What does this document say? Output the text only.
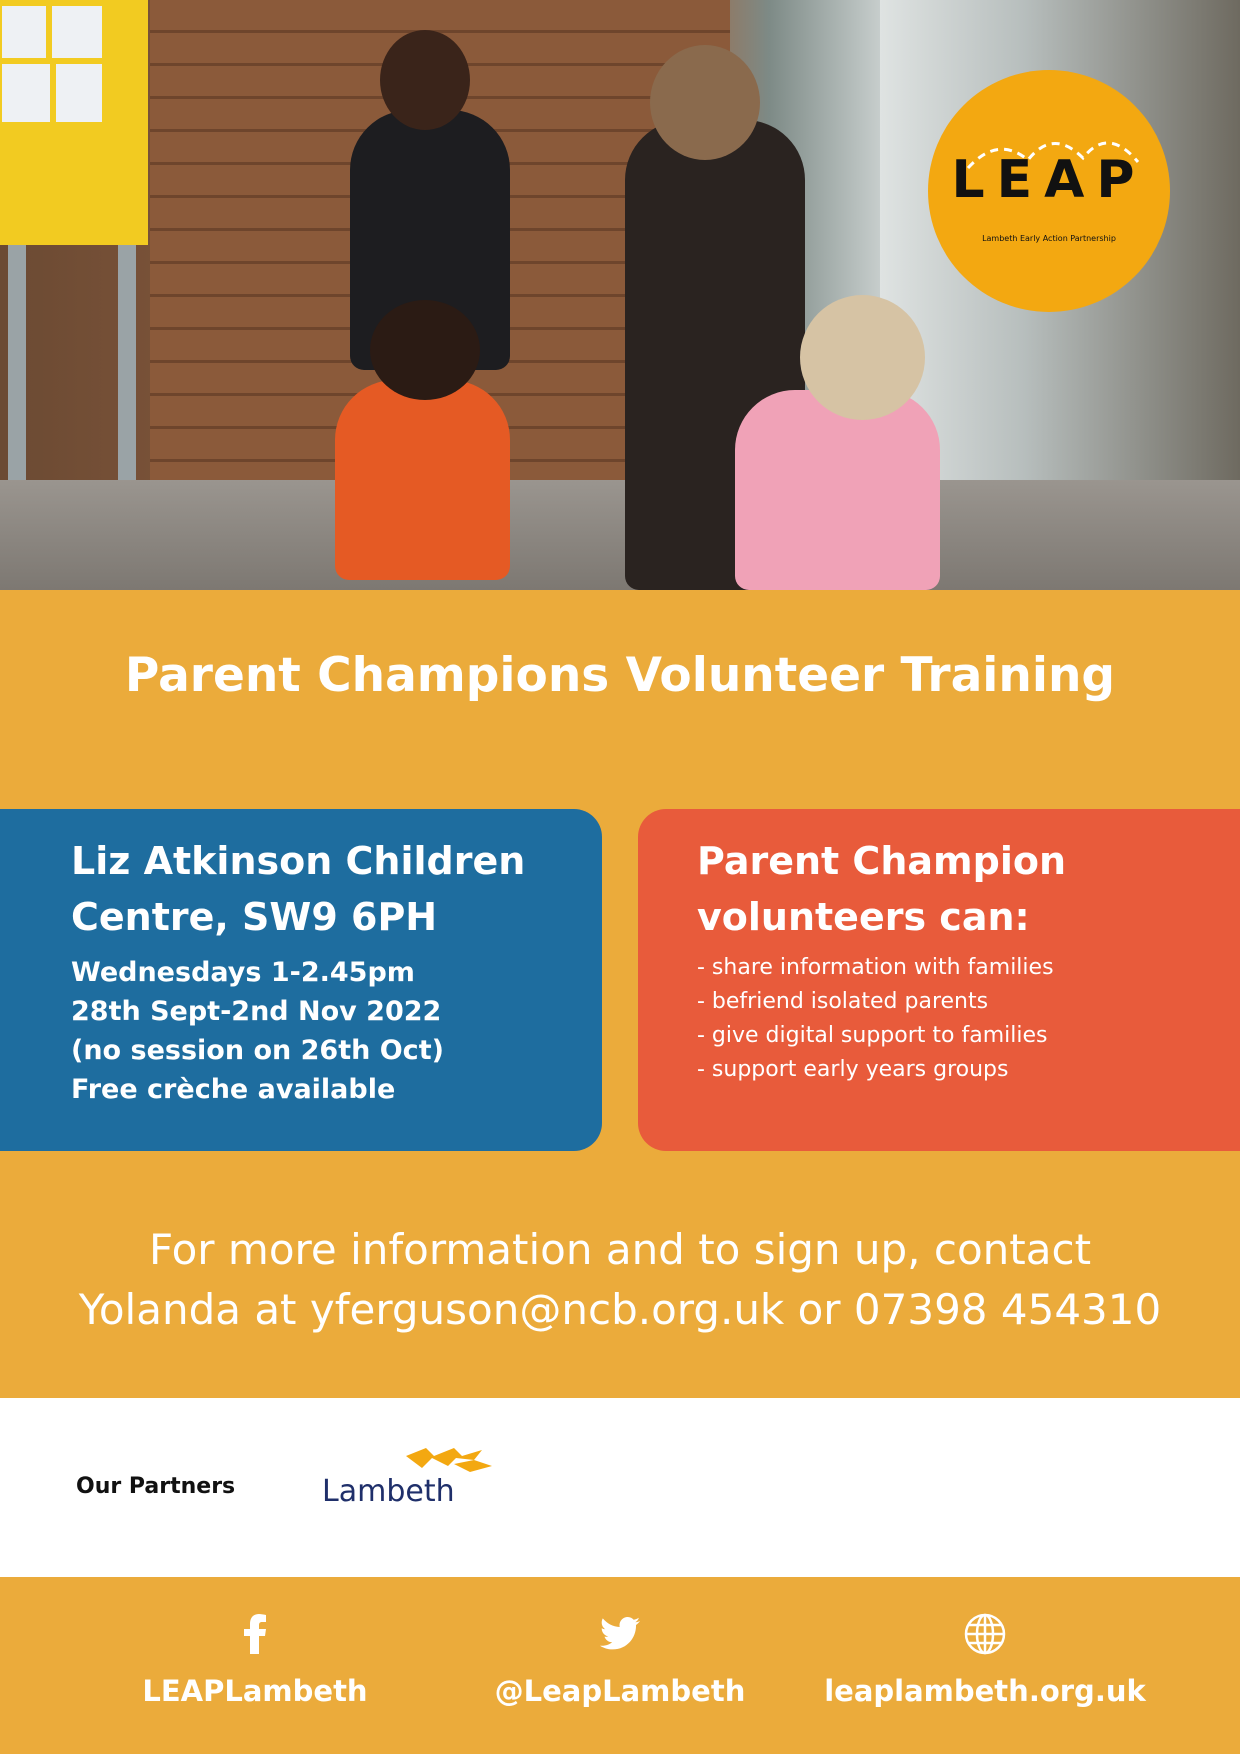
LEAP
Lambeth Early Action Partnership
Parent Champions Volunteer Training
Liz Atkinson Children
Centre, SW9 6PH
Wednesdays 1-2.45pm
28th Sept-2nd Nov 2022
(no session on 26th Oct)
Free crèche available
Parent Champion
volunteers can:
- share information with families
- befriend isolated parents
- give digital support to families
- support early years groups
For more information and to sign up, contact
Yolanda at yferguson@ncb.org.uk or 07398 454310
Our Partners	Lambeth
LEAPLambeth	@LeapLambeth	leaplambeth.org.uk
